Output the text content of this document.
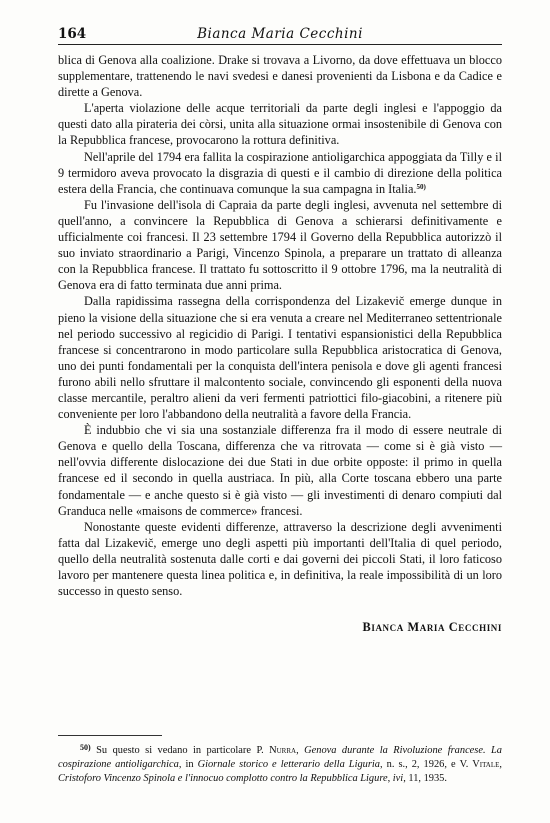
164	Bianca Maria Cecchini

blica di Genova alla coalizione. Drake si trovava a Livorno, da dove effettuava un blocco supplementare, trattenendo le navi svedesi e danesi provenienti da Lisbona e da Cadice e dirette a Genova.

L'aperta violazione delle acque territoriali da parte degli inglesi e l'appoggio da questi dato alla pirateria dei còrsi, unita alla situazione ormai insostenibile di Genova con la Repubblica francese, provocarono la rottura definitiva.

Nell'aprile del 1794 era fallita la cospirazione antioligarchica appoggiata da Tilly e il 9 termidoro aveva provocato la disgrazia di questi e il cambio di direzione della politica estera della Francia, che continuava comunque la sua campagna in Italia.$^{50)}$

Fu l'invasione dell'isola di Capraia da parte degli inglesi, avvenuta nel settembre di quell'anno, a convincere la Repubblica di Genova a schierarsi definitivamente e ufficialmente coi francesi. Il 23 settembre 1794 il Governo della Repubblica autorizzò il suo inviato straordinario a Parigi, Vincenzo Spinola, a preparare un trattato di alleanza con la Repubblica francese. Il trattato fu sottoscritto il 9 ottobre 1796, ma la neutralità di Genova era di fatto terminata due anni prima.

Dalla rapidissima rassegna della corrispondenza del Lizakevič emerge dunque in pieno la visione della situazione che si era venuta a creare nel Mediterraneo settentrionale nel periodo successivo al regicidio di Parigi. I tentativi espansionistici della Repubblica francese si concentrarono in modo particolare sulla Repubblica aristocratica di Genova, uno dei punti fondamentali per la conquista dell'intera penisola e dove gli agenti francesi furono abili nello sfruttare il malcontento sociale, convincendo gli esponenti della nuova classe mercantile, peraltro alieni da veri fermenti patriottici filo-giacobini, a ritenere più conveniente per loro l'abbandono della neutralità a favore della Francia.

È indubbio che vi sia una sostanziale differenza fra il modo di essere neutrale di Genova e quello della Toscana, differenza che va ritrovata — come si è già visto — nell'ovvia differente dislocazione dei due Stati in due orbite opposte: il primo in quella francese ed il secondo in quella austriaca. In più, alla Corte toscana ebbero una parte fondamentale — e anche questo si è già visto — gli investimenti di denaro compiuti dal Granduca nelle «maisons de commerce» francesi.

Nonostante queste evidenti differenze, attraverso la descrizione degli avvenimenti fatta dal Lizakevič, emerge uno degli aspetti più importanti dell'Italia di quel periodo, quello della neutralità sostenuta dalle corti e dai governi dei piccoli Stati, il loro faticoso lavoro per mantenere questa linea politica e, in definitiva, la reale impossibilità di un loro successo in questo senso.

Bianca Maria Cecchini

$^{50)}$ Su questo si vedano in particolare P. Nurra, Genova durante la Rivoluzione francese. La cospirazione antioligarchica, in Giornale storico e letterario della Liguria, n. s., 2, 1926, e V. Vitale, Cristoforo Vincenzo Spinola e l'innocuo complotto contro la Repubblica Ligure, ivi, 11, 1935.
